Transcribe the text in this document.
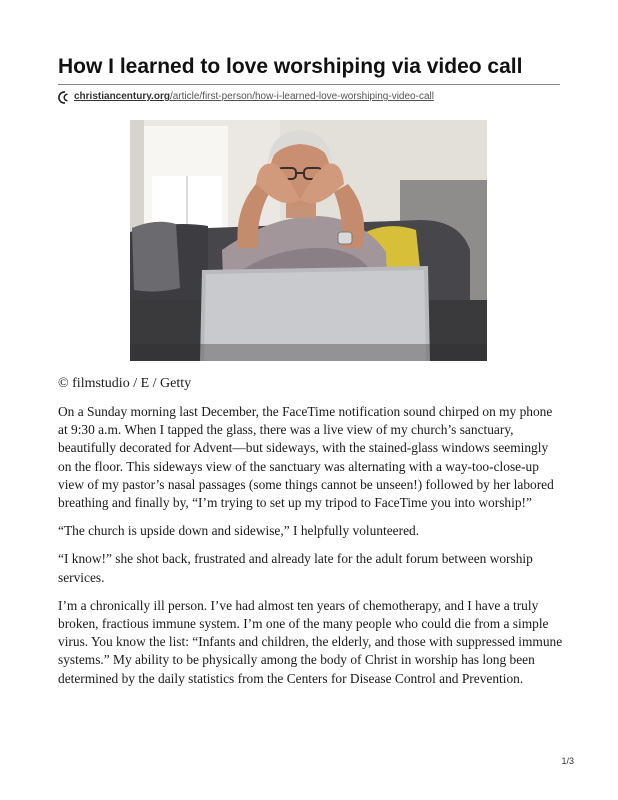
How I learned to love worshiping via video call
christiancentury.org /article/first-person/how-i-learned-love-worshiping-video-call
© filmstudio / E / Getty

On a Sunday morning last December, the FaceTime notification sound chirped on my phone at 9:30 a.m. When I tapped the glass, there was a live view of my church’s sanctuary, beautifully decorated for Advent—but sideways, with the stained-glass windows seemingly on the floor. This sideways view of the sanctuary was alternating with a way-too-close-up view of my pastor’s nasal passages (some things cannot be unseen!) followed by her labored breathing and finally by, “I’m trying to set up my tripod to FaceTime you into worship!”

“The church is upside down and sidewise,” I helpfully volunteered.

“I know!” she shot back, frustrated and already late for the adult forum between worship services.

I’m a chronically ill person. I’ve had almost ten years of chemotherapy, and I have a truly broken, fractious immune system. I’m one of the many people who could die from a simple virus. You know the list: “Infants and children, the elderly, and those with suppressed immune systems.” My ability to be physically among the body of Christ in worship has long been determined by the daily statistics from the Centers for Disease Control and Prevention.

1/3
